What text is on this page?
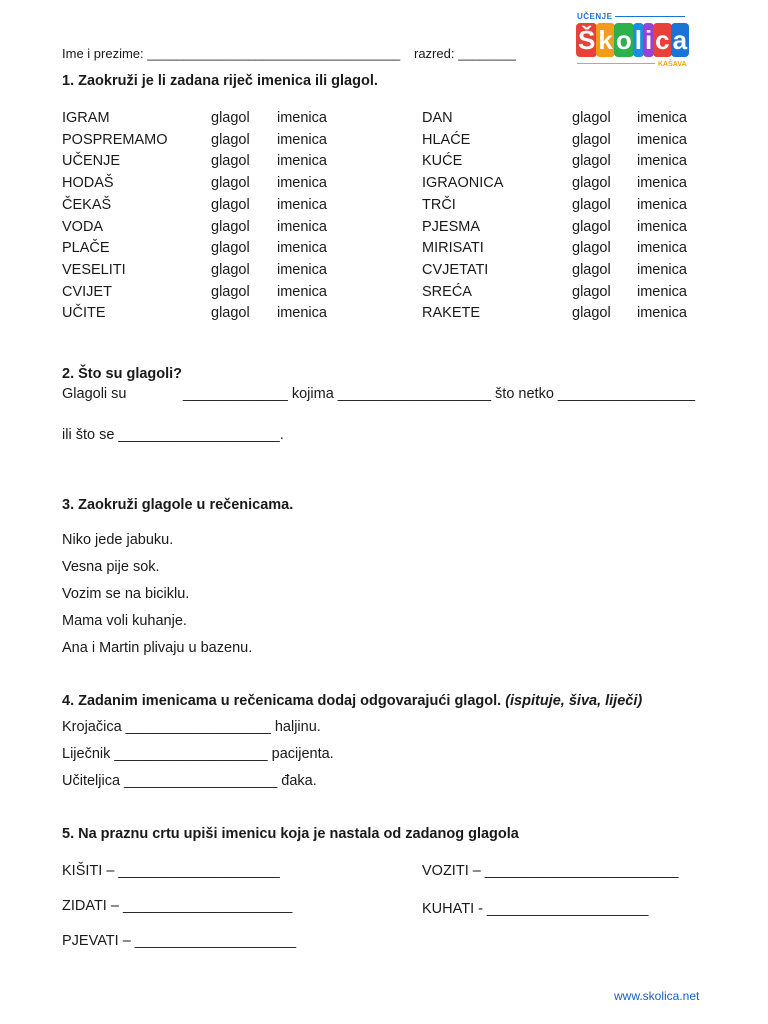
Ime i prezime: ___________________________________ razred: ________
UČENJE
Š k o l i c a
KAŠAVA
1. Zaokruži je li zadana riječ imenica ili glagol.
IGRAM	glagol imenica
POSPREMAMO	glagol imenica
UČENJE	glagol imenica
HODAŠ	glagol imenica
ČEKAŠ	glagol imenica
VODA	glagol imenica
PLAČE	glagol imenica
VESELITI	glagol imenica
CVIJET	glagol imenica
UČITE	glagol imenica
DAN	glagol imenica
HLAĆE	glagol imenica
KUĆE	glagol imenica
IGRAONICA	glagol imenica
TRČI	glagol imenica
PJESMA	glagol imenica
MIRISATI	glagol imenica
CVJETATI	glagol imenica
SREĆA	glagol imenica
RAKETE	glagol imenica
2. Što su glagoli?
Glagoli su	_____________ kojima ___________________ što netko _________________
ili što se ____________________.
3. Zaokruži glagole u rečenicama.
Niko jede jabuku.
Vesna pije sok.
Vozim se na biciklu.
Mama voli kuhanje.
Ana i Martin plivaju u bazenu.
4. Zadanim imenicama u rečenicama dodaj odgovarajući glagol. (ispituje, šiva, liječi)
Krojačica __________________ haljinu.
Liječnik ___________________ pacijenta.
Učiteljica ___________________ đaka.
5. Na praznu crtu upiši imenicu koja je nastala od zadanog glagola
KIŠITI – ____________________	VOZITI – ________________________
ZIDATI – _____________________	KUHATI - ____________________
PJEVATI – ____________________
www.skolica.net
